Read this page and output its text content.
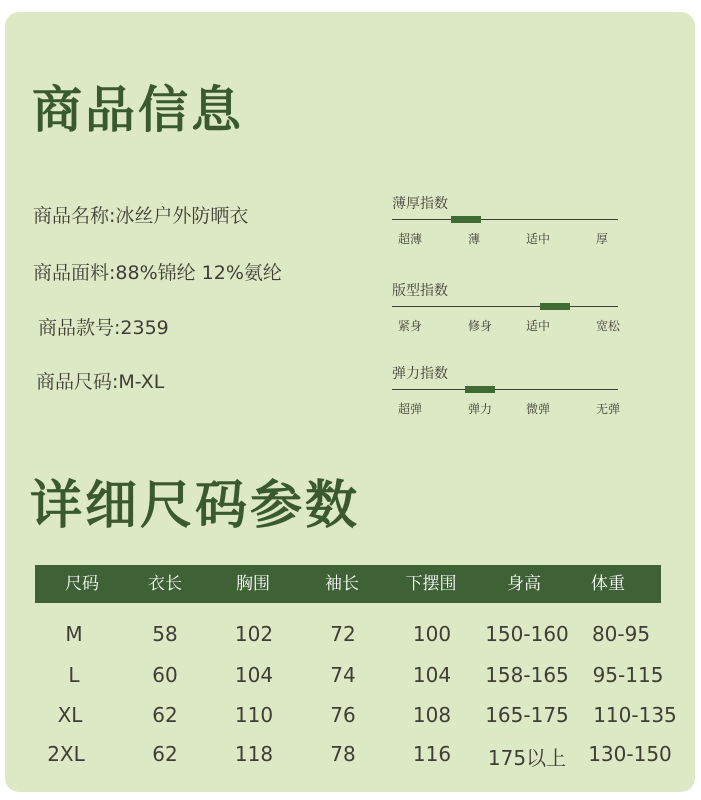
商品信息
商品名称:冰丝户外防晒衣
商品面料:88%锦纶 12%氨纶
商品款号:2359
商品尺码:M-XL
薄厚指数
超薄	薄	适中	厚
版型指数
紧身	修身	适中	宽松
弹力指数
超弹	弹力	微弹	无弹
详细尺码参数
尺码	衣长	胸围	袖长	下摆围	身高	体重
M	58	102	72	100 150-160 80-95
L	60	104	74	104 158-165 95-115
XL	62	110	76	108 165-175 110-135
2XL	62	118	78	116 175以上 130-150
